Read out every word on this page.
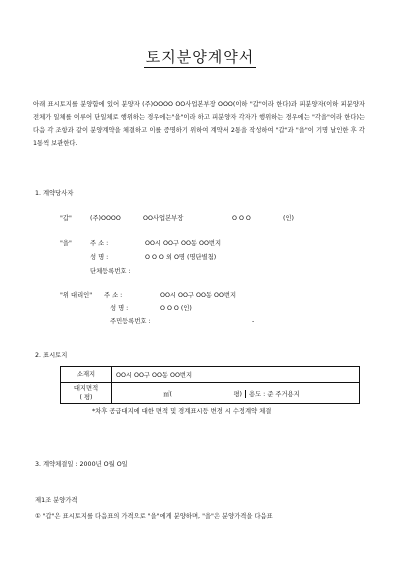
토지분양계약서
아래 표시토지를 분양함에 있어 분양자 (주)OOOO OO사업본부장 OOO(이하 "갑"이라 한다)과 피분양자(이하 피분양자 전체가 일체를 이루어 단일체로 행위하는 경우에는"을"이라 하고 피분양자 각자가 행위하는 경우에는 "각을"이라 한다)는 다음 각 조항과 같이 분양계약을 체결하고 이를 증명하기 위하여 계약서 2통을 작성하여 "갑"과 "을"이 기명 날인한 후 각 1통씩 보관한다.
1. 계약당사자
"갑"	(주)OOOO	OO사업본부장	O O O	(인)
"을"	주 소 :	OO시 OO구 OO동 OO번지
성 명 :	O O O 외 O명 (명단별첨)
단체등록번호 :
"위 대리인" 주 소 :	OO시 OO구 OO동 OO번지
성 명 :	O O O (인)
주민등록번호 :	-
2. 표시토지
소재지	OO시 OO구 OO동 OO번지

대지면적
( 평)	㎡( 평) 용도 : 준 주거용지
*차후 공급대지에 대한 면적 및 경계표시등 변경 시 수정계약 체결
3. 계약체결일 : 2000년 O월 O일
제1조 분양가격
① "갑"은 표시토지를 다음표의 가격으로 "을"에게 분양하며, "을"은 분양가격을 다음표
